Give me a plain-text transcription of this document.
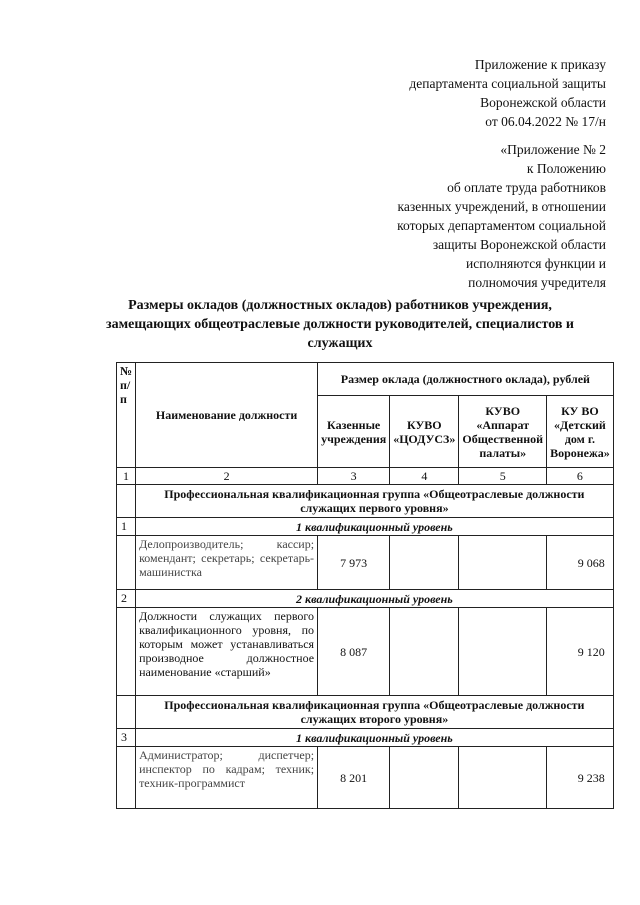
Приложение к приказу
департамента социальной защиты
Воронежской области
от 06.04.2022 № 17/н
«Приложение № 2
к Положению
об оплате труда работников
казенных учреждений, в отношении
которых департаментом социальной
защиты Воронежской области
исполняются функции и
полномочия учредителя
Размеры окладов (должностных окладов) работников учреждения, замещающих общеотраслевые должности руководителей, специалистов и служащих
№ п/п	Наименование должности	Размер оклада (должностного оклада), рублей			
		Казенные учреждения	КУВО «ЦОДУСЗ»	КУВО «Аппарат Общественной палаты»	КУ ВО «Детский дом г. Воронежа»
1	2	3	4	5	6
	Профессиональная квалификационная группа «Общеотраслевые должности служащих первого уровня»				
1	1 квалификационный уровень				
	Делопроизводитель; кассир; комендант; секретарь; секретарь- машинистка	7 973			9 068
2	2 квалификационный уровень				
	Должности служащих первого квалификационного уровня, по которым может устанавливаться производное должностное наименование «старший»	8 087			9 120
	Профессиональная квалификационная группа «Общеотраслевые должности служащих второго уровня»				
3	1 квалификационный уровень				
	Администратор; диспетчер; инспектор по кадрам; техник; техник-программист	8 201			9 238
